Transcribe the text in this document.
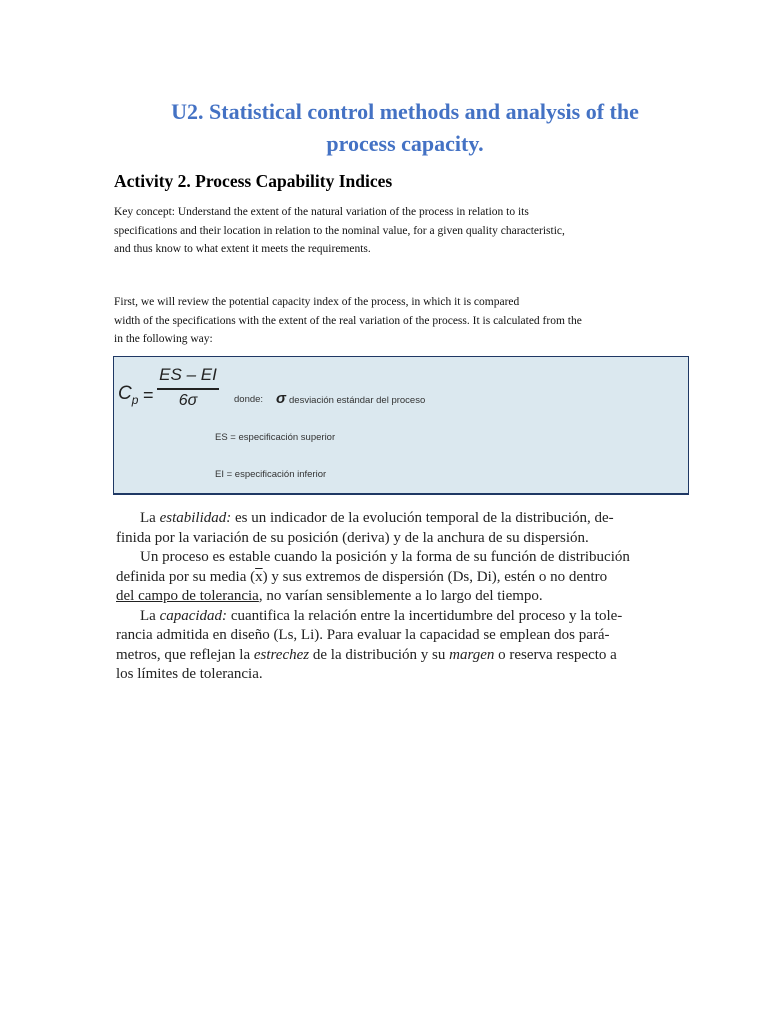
U2. Statistical control methods and analysis of the
process capacity.
Activity 2. Process Capability Indices

Key concept: Understand the extent of the natural variation of the process in relation to its
specifications and their location in relation to the nominal value, for a given quality characteristic,
and thus know to what extent it meets the requirements.

First, we will review the potential capacity index of the process, in which it is compared
width of the specifications with the extent of the real variation of the process. It is calculated from the
in the following way:

$C_p$ =
ES – EI
6σ	donde: σ desviación estándar del proceso
ES = especificación superior
EI = especificación inferior
La estabilidad: es un indicador de la evolución temporal de la distribución, de-
finida por la variación de su posición (deriva) y de la anchura de su dispersión.
Un proceso es estable cuando la posición y la forma de su función de distribución
definida por su media $(\overline{x})$ y sus extremos de dispersión (Ds, Di), estén o no dentro
del campo de tolerancia, no varían sensiblemente a lo largo del tiempo.
La capacidad: cuantifica la relación entre la incertidumbre del proceso y la tole-
rancia admitida en diseño (Ls, Li). Para evaluar la capacidad se emplean dos pará-
metros, que reflejan la estrechez de la distribución y su margen o reserva respecto a
los límites de tolerancia.
